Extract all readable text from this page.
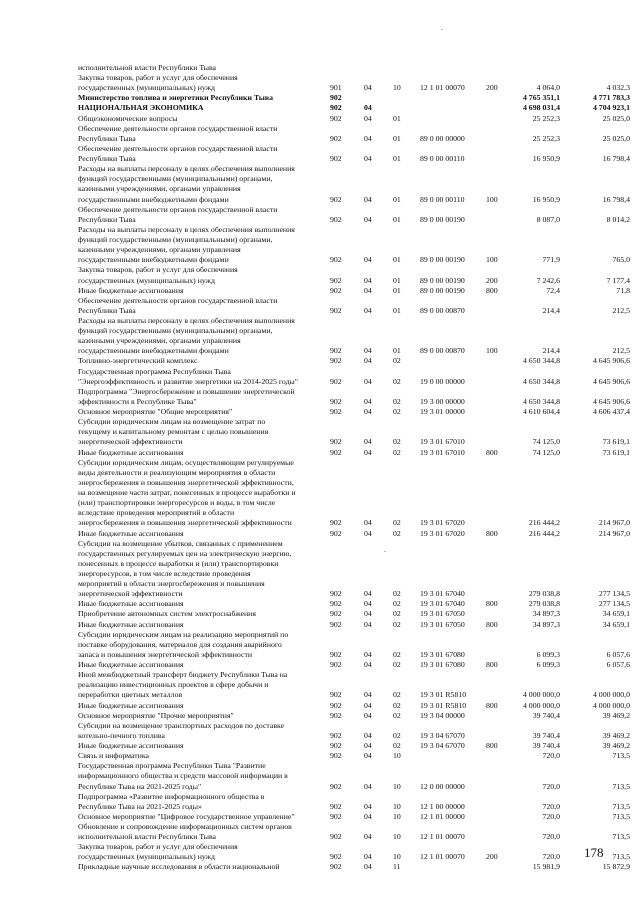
исполнительной власти Республики Тыва
Закупка товаров, работ и услуг для обеспечения
государственных (муниципальных) нужд	901	04	10 12 1 01 00070	200	4 064,0	4 032,3
Министерство топлива и энергетики Республики Тыва	902	4 765 351,1	4 771 783,3
НАЦИОНАЛЬНАЯ ЭКОНОМИКА	902	04	4 698 031,4	4 704 923,1
Общеэкономические вопросы	902	04	01	25 252,3	25 025,0
Обеспечение деятельности органов государственной власти
Республики Тыва	902	04	01 89 0 00 00000	25 252,3	25 025,0
Обеспечение деятельности органов государственной власти
Республики Тыва	902	04	01 89 0 00 00110	16 950,9	16 798,4
Расходы на выплаты персоналу в целях обеспечения выполнения
функций государственными (муниципальными) органами,
казенными учреждениями, органами управления
государственными внебюджетными фондами	902	04	01 89 0 00 00110	100	16 950,9	16 798,4
Обеспечение деятельности органов государственной власти
Республики Тыва	902	04	01 89 0 00 00190	8 087,0	8 014,2
Расходы на выплаты персоналу в целях обеспечения выполнения
функций государственными (муниципальными) органами,
казенными учреждениями, органами управления
государственными внебюджетными фондами	902	04	01 89 0 00 00190	100	771,9	765,0
Закупка товаров, работ и услуг для обеспечения
государственных (муниципальных) нужд	902	04	01 89 0 00 00190	200	7 242,6	7 177,4
Иные бюджетные ассигнования	902	04	01 89 0 00 00190	800	72,4	71,8
Обеспечение деятельности органов государственной власти
Республики Тыва	902	04	01 89 0 00 00870	214,4	212,5
Расходы на выплаты персоналу в целях обеспечения выполнения
функций государственными (муниципальными) органами,
казенными учреждениями, органами управления
государственными внебюджетными фондами	902	04	01 89 0 00 00870	100	214,4	212,5
Топливно-энергетический комплекс	902	04	02	4 650 344,8	4 645 906,6
Государственная программа Республики Тыва
"Энергоэффективность и развитие энергетики на 2014-2025 годы"	902	04	02 19 0 00 00000	4 650 344,8	4 645 906,6
Подпрограмма "Энергосбережение и повышение энергетической
эффективности в Республике Тыва"	902	04	02 19 3 00 00000	4 650 344,8	4 645 906,6
Основное мероприятие "Общие мероприятия"	902	04	02 19 3 01 00000	4 610 604,4	4 606 437,4
Субсидии юридическим лицам на возмещение затрат по
текущему и капитальному ремонтам с целью повышения
энергетической эффективности	902	04	02 19 3 01 67010	74 125,0	73 619,1
Иные бюджетные ассигнования	902	04	02 19 3 01 67010	800	74 125,0	73 619,1
Субсидии юридическим лицам, осуществляющим регулируемые
виды деятельности и реализующим мероприятия в области
энергосбережения и повышения энергетической эффективности,
на возмещение части затрат, понесенных в процессе выработки и
(или) транспортировки энергоресурсов и воды, в том числе
вследствие проведения мероприятий в области
энергосбережения и повышения энергетической эффективности	902	04	02 19 3 01 67020	216 444,2	214 967,0
Иные бюджетные ассигнования	902	04	02 19 3 01 67020	800	216 444,2	214 967,0
Субсидии на возмещение убытков, связанных с применением
государственных регулируемых цен на электрическую энергию,
понесенных в процессе выработки и (или) транспортировки
энергоресурсов, в том числе вследствие проведения
мероприятий в области энергосбережения и повышения
энергетической эффективности	902	04	02 19 3 01 67040	279 038,8	277 134,5
Иные бюджетные ассигнования	902	04	02 19 3 01 67040	800	279 038,8	277 134,5
Приобретение автономных систем электроснабжения	902	04	02 19 3 01 67050	34 897,3	34 659,1
Иные бюджетные ассигнования	902	04	02 19 3 01 67050	800	34 897,3	34 659,1
Субсидии юридическим лицам на реализацию мероприятий по
поставке оборудования, материалов для создания аварийного
запаса и повышения энергетической эффективности	902	04	02 19 3 01 67080	6 099,3	6 057,6
Иные бюджетные ассигнования	902	04	02 19 3 01 67080	800	6 099,3	6 057,6
Иной межбюджетный трансферт бюджету Республики Тыва на
реализацию инвестиционных проектов в сфере добычи и
переработки цветных металлов	902	04	02 19 3 01 R5810	4 000 000,0	4 000 000,0
Иные бюджетные ассигнования	902	04	02 19 3 01 R5810	800	4 000 000,0	4 000 000,0
Основное мероприятие "Прочие мероприятия"	902	04	02 19 3 04 00000	39 740,4	39 469,2
Субсидии на возмещение транспортных расходов по доставке
котельно-печного топлива	902	04	02 19 3 04 67070	39 740,4	39 469,2
Иные бюджетные ассигнования	902	04	02 19 3 04 67070	800	39 740,4	39 469,2
Связь и информатика	902	04	10	720,0	713,5
Государственная программа Республики Тыва "Развитие
информационного общества и средств массовой информации в
Республике Тыва на 2021-2025 годы"	902	04	10 12 0 00 00000	720,0	713,5
Подпрограмма «Развитие информационного общества в
Республике Тыва на 2021-2025 годы»	902	04	10 12 1 00 00000	720,0	713,5
Основное мероприятие "Цифровое государственное управление"	902	04	10 12 1 01 00000	720,0	713,5
Обновление и сопровождение информационных систем органов
исполнительной власти Республики Тыва	902	04	10 12 1 01 00070	720,0	713,5
Закупка товаров, работ и услуг для обеспечения
государственных (муниципальных) нужд	902	04	10 12 1 01 00070	200	720,0	713,5
Прикладные научные исследования в области национальной	902	04	11	15 981,9	15 872,9
178
